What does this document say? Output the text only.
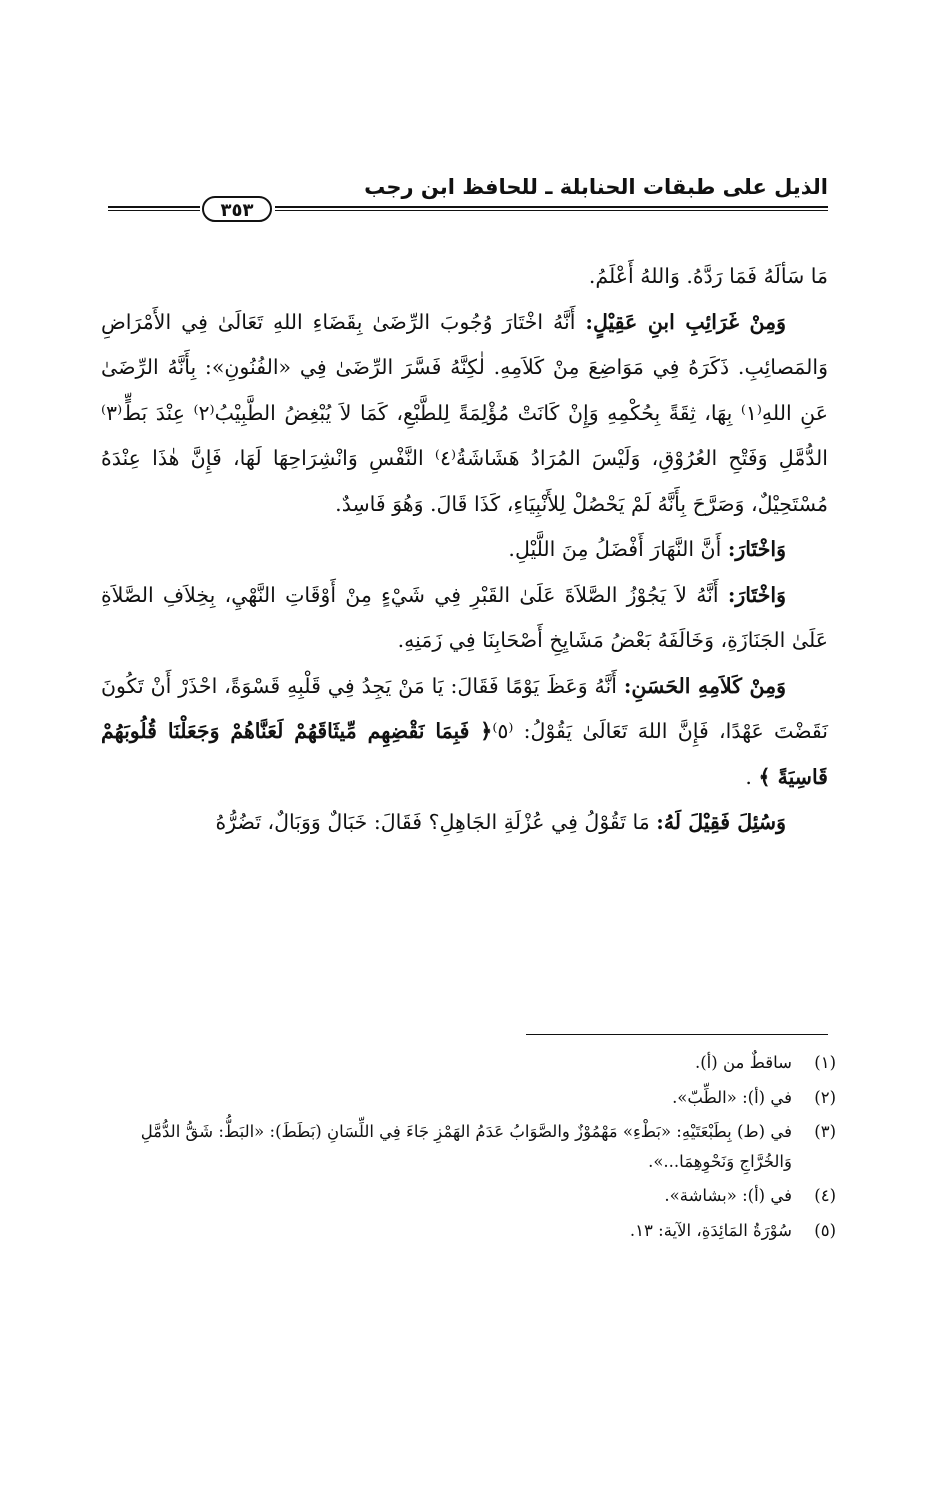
الذيل على طبقات الحنابلة ـ للحافظ ابن رجب
٣٥٣

مَا سَألَهُ فَمَا رَدَّهُ. وَاللهُ أَعْلَمُ.

وَمِنْ غَرَائِبِ ابنِ عَقِيْلٍ: أَنَّهُ اخْتَارَ وُجُوبَ الرِّضَىٰ بِقَضَاءِ اللهِ تَعَالَىٰ فِي الأَمْرَاضِ وَالمَصائِبِ. ذَكَرَهُ فِي مَوَاضِعَ مِنْ كَلاَمِهِ. لٰكِنَّهُ فَسَّرَ الرِّضَىٰ فِي «الفُنُونِ»: بِأَنَّهُ الرِّضَىٰ عَنِ اللهِ⁽١⁾ بِهَا، ثِقَةً بِحُكْمِهِ وَإِنْ كَانَتْ مُؤْلِمَةً لِلطَّبْعِ، كَمَا لاَ يُبْغِضُ الطَّبِيْبُ⁽٢⁾ عِنْدَ بَطٍّ⁽٣⁾ الدُّمَّلِ وَفَتْحِ العُرُوْقِ، وَلَيْسَ المُرَادُ هَشَاشَةُ⁽٤⁾ النَّفْسِ وَانْشِرَاحِهَا لَهَا، فَإِنَّ هٰذَا عِنْدَهُ مُسْتَحِيْلٌ، وَصَرَّحَ بِأَنَّهُ لَمْ يَحْصُلْ لِلأَنْبِيَاءِ، كَذَا قَالَ. وَهُوَ فَاسِدٌ.

وَاخْتَارَ: أَنَّ النَّهَارَ أَفْضَلُ مِنَ اللَّيْلِ.

وَاخْتَارَ: أَنَّهُ لاَ يَجُوْزُ الصَّلاَةَ عَلَىٰ القَبْرِ فِي شَيْءٍ مِنْ أَوْقَاتِ النَّهْيِ، بِخِلاَفِ الصَّلاَةِ عَلَىٰ الجَنَازَةِ، وَخَالَفَهُ بَعْضُ مَشَايِخِ أَصْحَابِنَا فِي زَمَنِهِ.

وَمِنْ كَلاَمِهِ الحَسَنِ: أَنَّهُ وَعَظَ يَوْمًا فَقَالَ: يَا مَنْ يَجِدُ فِي قَلْبِهِ قَسْوَةً، احْذَرْ أَنْ تَكُونَ نَقَضْتَ عَهْدًا، فَإِنَّ اللهَ تَعَالَىٰ يَقُوْلُ: ⁽٥⁾﴿ فَبِمَا نَقْضِهِم مِّيثَاقَهُمْ لَعَنَّاهُمْ وَجَعَلْنَا قُلُوبَهُمْ قَاسِيَةً ﴾ .

وَسُئِلَ فَقِيْلَ لَهُ: مَا تَقُوْلُ فِي عُزْلَةِ الجَاهِلِ؟ فَقَالَ: خَبَالٌ وَوَبَالٌ، تَضُرُّهُ

(١)
ساقطٌ من (أ).
(٢)
في (أ): «الطِّبّ».
(٣)
في (ط) بِطَبْعَتَيْهِ: «بَطْءِ» مَهْمُوْزٌ والصَّوَابُ عَدَمُ الهَمْزِ جَاءَ فِي اللِّسَانِ (بَطَطَ): «البَطُّ: شَقُّ الدُّمَّلِ وَالخُرَّاجِ وَنَحْوِهِمَا...».
(٤)
في (أ): «بشاشة».
(٥)
سُوْرَةُ المَائِدَةِ، الآية: ١٣.
